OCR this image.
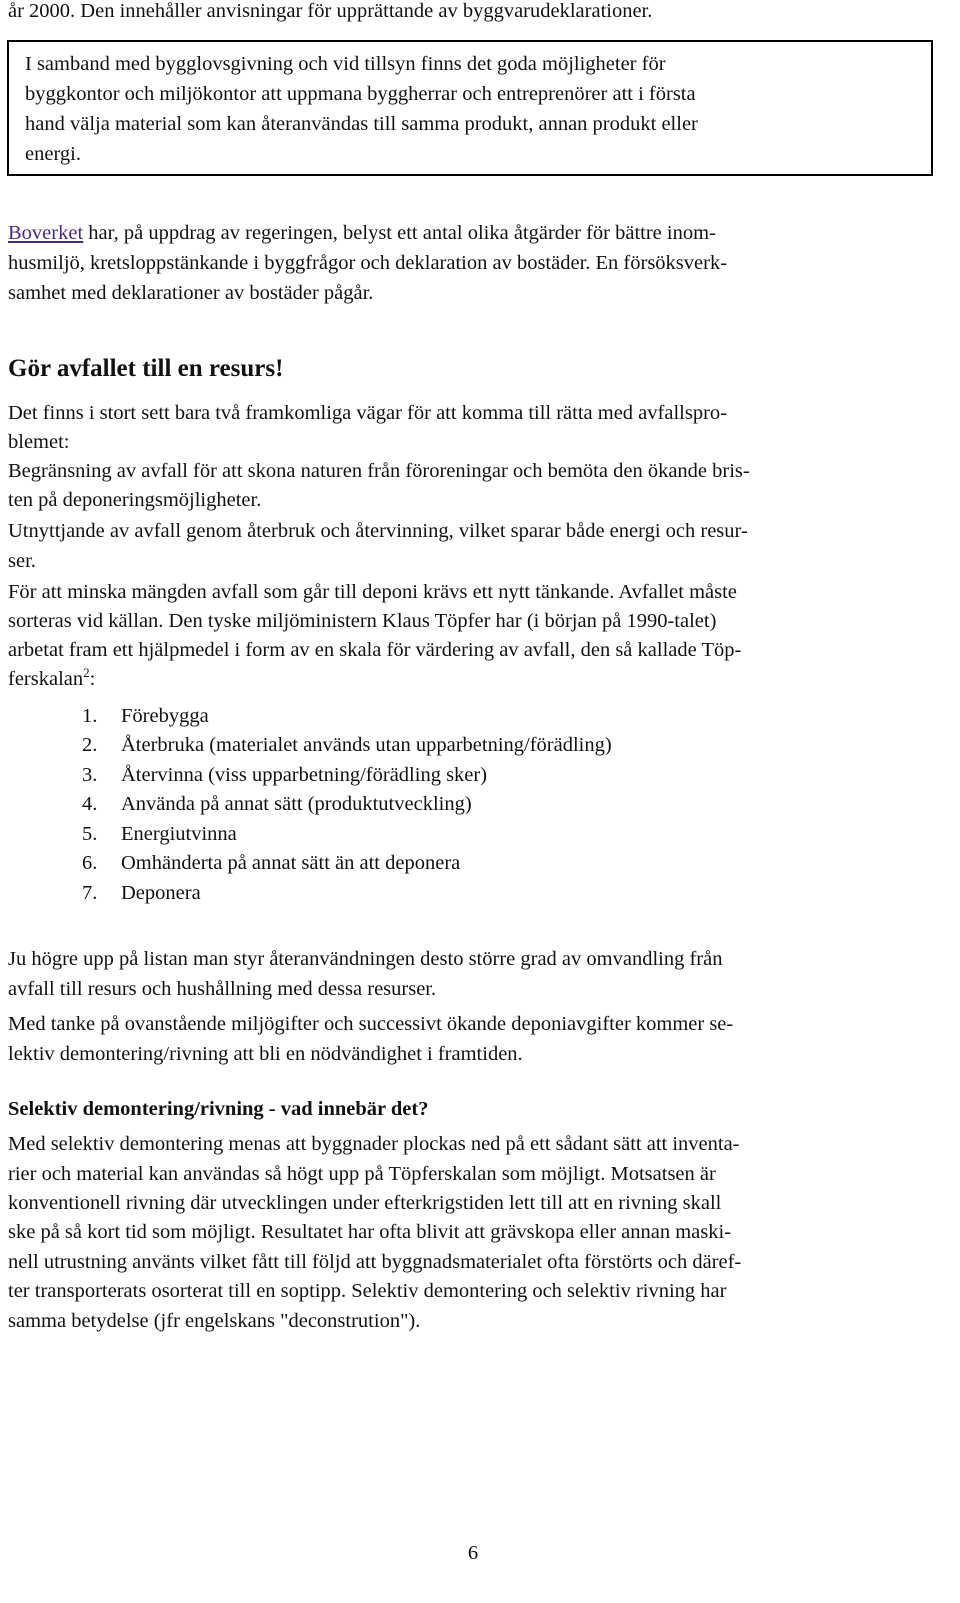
år 2000. Den innehåller anvisningar för upprättande av byggvarudeklarationer.
I samband med bygglovsgivning och vid tillsyn finns det goda möjligheter för
byggkontor och miljökontor att uppmana byggherrar och entreprenörer att i första
hand välja material som kan återanvändas till samma produkt, annan produkt eller
energi.
Boverket har, på uppdrag av regeringen, belyst ett antal olika åtgärder för bättre inom-
husmiljö, kretsloppstänkande i byggfrågor och deklaration av bostäder. En försöksverk-
samhet med deklarationer av bostäder pågår.
Gör avfallet till en resurs!
Det finns i stort sett bara två framkomliga vägar för att komma till rätta med avfallspro-
blemet:
Begränsning av avfall för att skona naturen från föroreningar och bemöta den ökande bris-
ten på deponeringsmöjligheter.
Utnyttjande av avfall genom återbruk och återvinning, vilket sparar både energi och resur-
ser.
För att minska mängden avfall som går till deponi krävs ett nytt tänkande. Avfallet måste
sorteras vid källan. Den tyske miljöministern Klaus Töpfer har (i början på 1990-talet)
arbetat fram ett hjälpmedel i form av en skala för värdering av avfall, den så kallade Töp-
ferskalan$^2$:
1. Förebygga
2. Återbruka (materialet används utan upparbetning/förädling)
3. Återvinna (viss upparbetning/förädling sker)
4. Använda på annat sätt (produktutveckling)
5. Energiutvinna
6. Omhänderta på annat sätt än att deponera
7. Deponera
Ju högre upp på listan man styr återanvändningen desto större grad av omvandling från
avfall till resurs och hushållning med dessa resurser.
Med tanke på ovanstående miljögifter och successivt ökande deponiavgifter kommer se-
lektiv demontering/rivning att bli en nödvändighet i framtiden.
Selektiv demontering/rivning - vad innebär det?
Med selektiv demontering menas att byggnader plockas ned på ett sådant sätt att inventa-
rier och material kan användas så högt upp på Töpferskalan som möjligt. Motsatsen är
konventionell rivning där utvecklingen under efterkrigstiden lett till att en rivning skall
ske på så kort tid som möjligt. Resultatet har ofta blivit att grävskopa eller annan maski-
nell utrustning använts vilket fått till följd att byggnadsmaterialet ofta förstörts och däref-
ter transporterats osorterat till en soptipp. Selektiv demontering och selektiv rivning har
samma betydelse (jfr engelskans "deconstrution").
6
